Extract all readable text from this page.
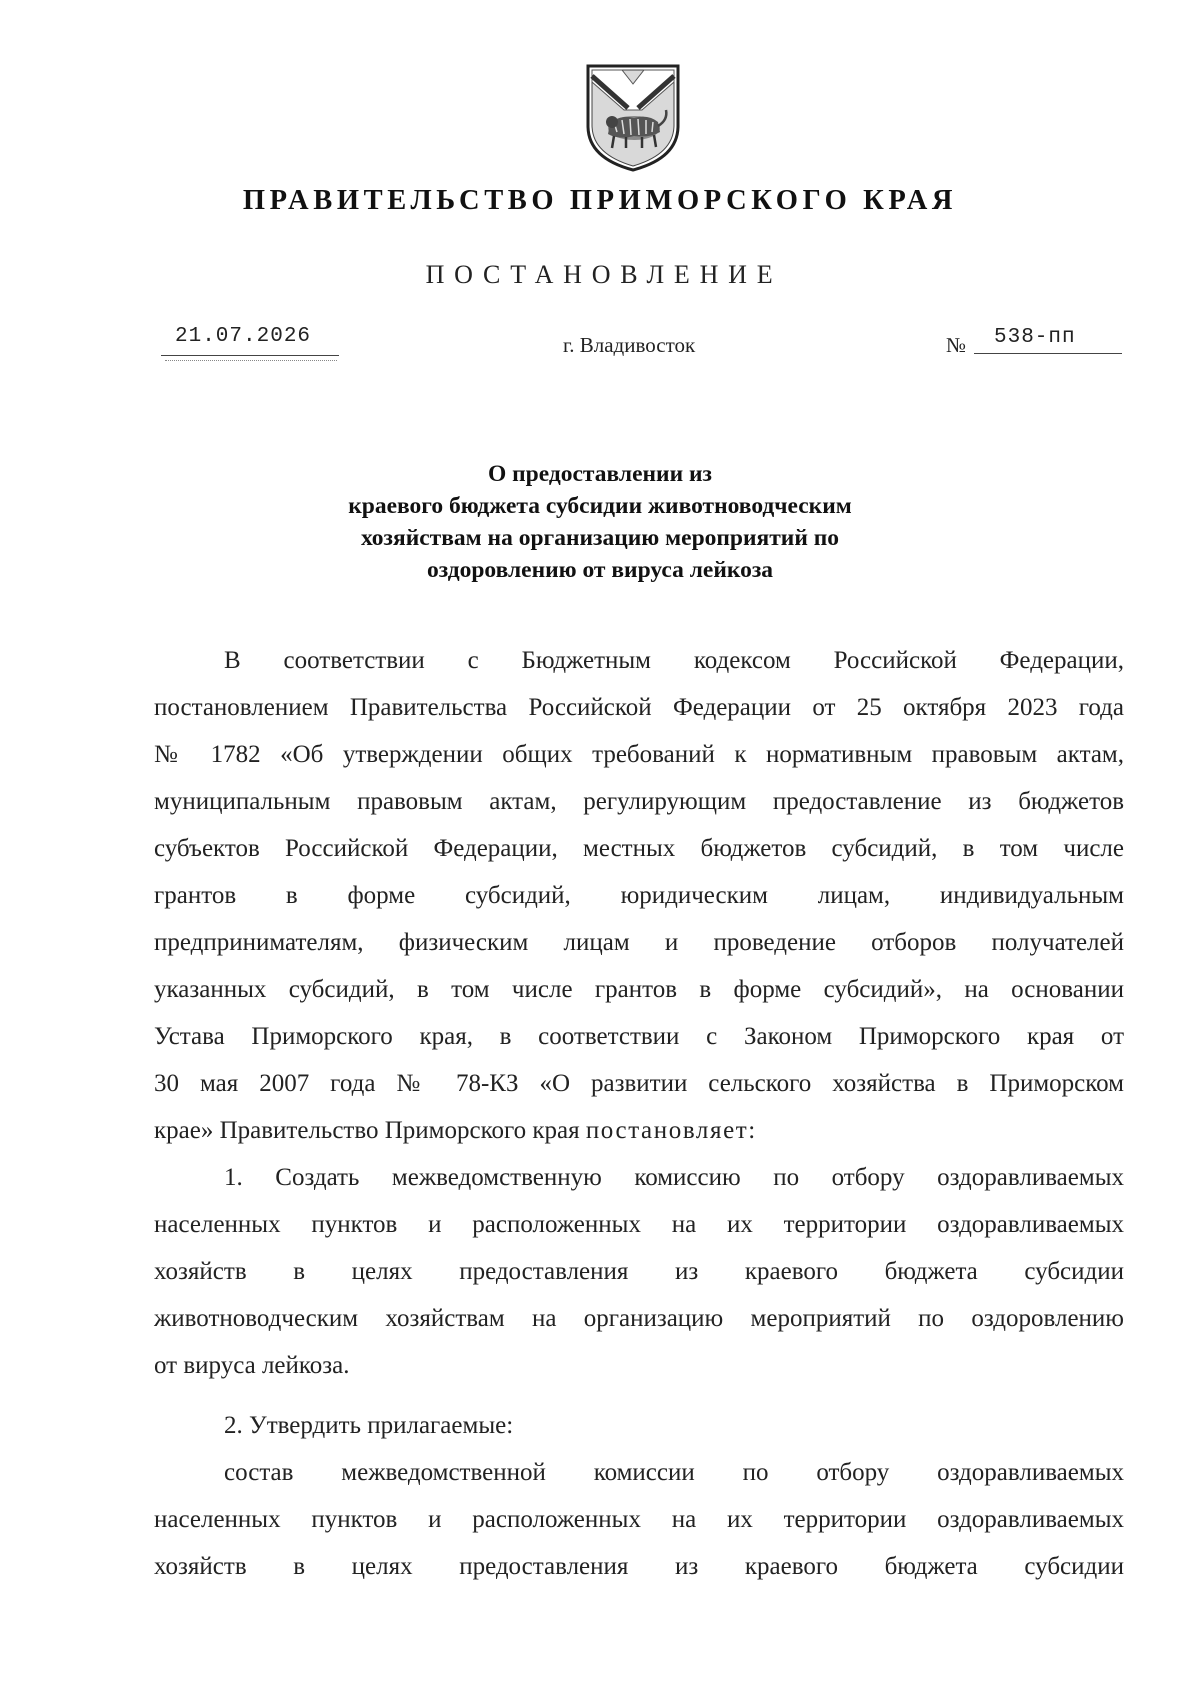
ПРАВИТЕЛЬСТВО ПРИМОРСКОГО КРАЯ
ПОСТАНОВЛЕНИЕ
21.07.2026	г. Владивосток	№ 538-пп
О предоставлении из
краевого бюджета субсидии животноводческим
хозяйствам на организацию мероприятий по
оздоровлению от вируса лейкоза
В соответствии с Бюджетным кодексом Российской Федерации,
постановлением Правительства Российской Федерации от 25 октября 2023 года
№ 1782 «Об утверждении общих требований к нормативным правовым актам,
муниципальным правовым актам, регулирующим предоставление из бюджетов
субъектов Российской Федерации, местных бюджетов субсидий, в том числе
грантов в форме субсидий, юридическим лицам, индивидуальным
предпринимателям, физическим лицам и проведение отборов получателей
указанных субсидий, в том числе грантов в форме субсидий», на основании
Устава Приморского края, в соответствии с Законом Приморского края от
30 мая 2007 года № 78-КЗ «О развитии сельского хозяйства в Приморском
крае» Правительство Приморского края постановляет:
1. Создать межведомственную комиссию по отбору оздоравливаемых
населенных пунктов и расположенных на их территории оздоравливаемых
хозяйств в целях предоставления из краевого бюджета субсидии
животноводческим хозяйствам на организацию мероприятий по оздоровлению
от вируса лейкоза.
2. Утвердить прилагаемые:
состав межведомственной комиссии по отбору оздоравливаемых
населенных пунктов и расположенных на их территории оздоравливаемых
хозяйств в целях предоставления из краевого бюджета субсидии
